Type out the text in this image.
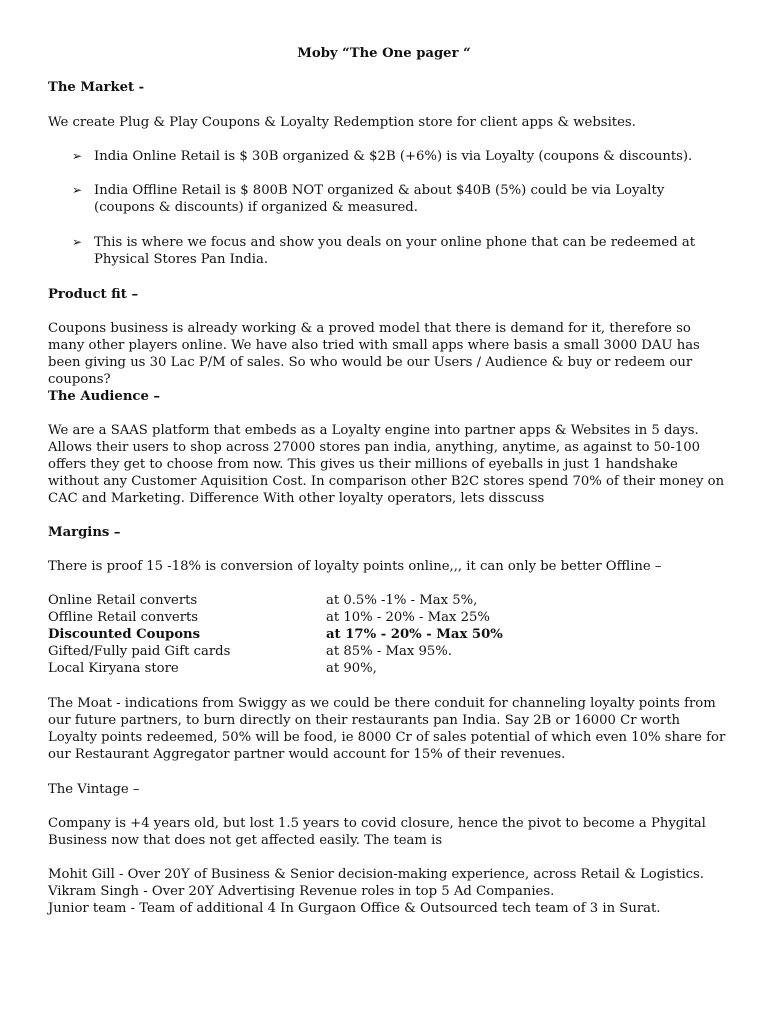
Moby “The One pager “

The Market -

We create Plug & Play Coupons & Loyalty Redemption store for client apps & websites.

➢ India Online Retail is $ 30B organized & $2B (+6%) is via Loyalty (coupons & discounts).
➢ India Offline Retail is $ 800B NOT organized & about $40B (5%) could be via Loyalty (coupons & discounts) if organized & measured.
➢ This is where we focus and show you deals on your online phone that can be redeemed at Physical Stores Pan India.

Product fit –

Coupons business is already working & a proved model that there is demand for it, therefore so many other players online. We have also tried with small apps where basis a small 3000 DAU has been giving us 30 Lac P/M of sales. So who would be our Users / Audience & buy or redeem our coupons?

The Audience –

We are a SAAS platform that embeds as a Loyalty engine into partner apps & Websites in 5 days. Allows their users to shop across 27000 stores pan india, anything, anytime, as against to 50-100 offers they get to choose from now. This gives us their millions of eyeballs in just 1 handshake without any Customer Aquisition Cost. In comparison other B2C stores spend 70% of their money on CAC and Marketing. Difference With other loyalty operators, lets disscuss

Margins –

There is proof 15 -18% is conversion of loyalty points online,,, it can only be better Offline –

Online Retail converts	at 0.5% -1% - Max 5%,
Offline Retail converts	at 10% - 20% - Max 25%
Discounted Coupons	at 17% - 20% - Max 50%
Gifted/Fully paid Gift cards	at 85% - Max 95%.
Local Kiryana store	at 90%,

The Moat - indications from Swiggy as we could be there conduit for channeling loyalty points from our future partners, to burn directly on their restaurants pan India. Say 2B or 16000 Cr worth Loyalty points redeemed, 50% will be food, ie 8000 Cr of sales potential of which even 10% share for our Restaurant Aggregator partner would account for 15% of their revenues.

The Vintage –

Company is +4 years old, but lost 1.5 years to covid closure, hence the pivot to become a Phygital Business now that does not get affected easily. The team is

Mohit Gill - Over 20Y of Business & Senior decision-making experience, across Retail & Logistics.

Vikram Singh - Over 20Y Advertising Revenue roles in top 5 Ad Companies.

Junior team - Team of additional 4 In Gurgaon Office & Outsourced tech team of 3 in Surat.
